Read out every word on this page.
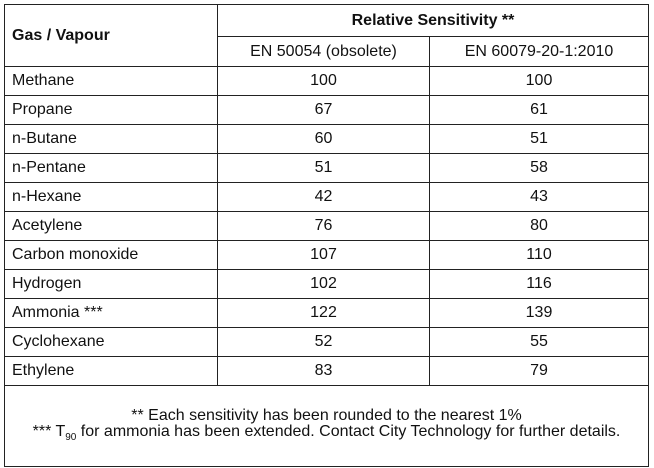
Gas / Vapour	Relative Sensitivity **	
	EN 50054 (obsolete)	EN 60079-20-1:2010
Methane	100	100
Propane	67	61
n-Butane	60	51
n-Pentane	51	58
n-Hexane	42	43
Acetylene	76	80
Carbon monoxide	107	110
Hydrogen	102	116
Ammonia ***	122	139
Cyclohexane	52	55
Ethylene	83	79

** Each sensitivity has been rounded to the nearest 1%
*** $T_{90}$ for ammonia has been extended. Contact City Technology for further details.		
